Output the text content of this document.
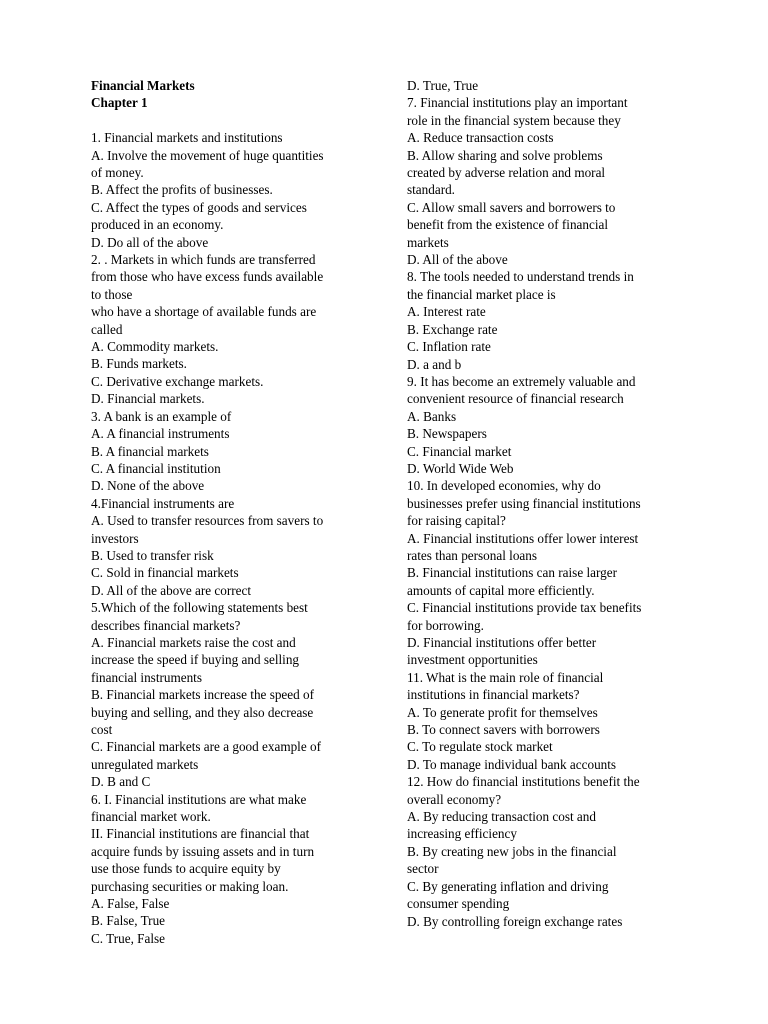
Financial Markets
Chapter 1
1. Financial markets and institutions
A. Involve the movement of huge quantities
of money.
B. Affect the profits of businesses.
C. Affect the types of goods and services
produced in an economy.
D. Do all of the above
2. . Markets in which funds are transferred
from those who have excess funds available
to those
who have a shortage of available funds are
called
A. Commodity markets.
B. Funds markets.
C. Derivative exchange markets.
D. Financial markets.
3. A bank is an example of
A. A financial instruments
B. A financial markets
C. A financial institution
D. None of the above
4.Financial instruments are
A. Used to transfer resources from savers to
investors
B. Used to transfer risk
C. Sold in financial markets
D. All of the above are correct
5.Which of the following statements best
describes financial markets?
A. Financial markets raise the cost and
increase the speed if buying and selling
financial instruments
B. Financial markets increase the speed of
buying and selling, and they also decrease
cost
C. Financial markets are a good example of
unregulated markets
D. B and C
6. I. Financial institutions are what make
financial market work.
II. Financial institutions are financial that
acquire funds by issuing assets and in turn
use those funds to acquire equity by
purchasing securities or making loan.
A. False, False
B. False, True
C. True, False
D. True, True
7. Financial institutions play an important
role in the financial system because they
A. Reduce transaction costs
B. Allow sharing and solve problems
created by adverse relation and moral
standard.
C. Allow small savers and borrowers to
benefit from the existence of financial
markets
D. All of the above
8. The tools needed to understand trends in
the financial market place is
A. Interest rate
B. Exchange rate
C. Inflation rate
D. a and b
9. It has become an extremely valuable and
convenient resource of financial research
A. Banks
B. Newspapers
C. Financial market
D. World Wide Web
10. In developed economies, why do
businesses prefer using financial institutions
for raising capital?
A. Financial institutions offer lower interest
rates than personal loans
B. Financial institutions can raise larger
amounts of capital more efficiently.
C. Financial institutions provide tax benefits
for borrowing.
D. Financial institutions offer better
investment opportunities
11. What is the main role of financial
institutions in financial markets?
A. To generate profit for themselves
B. To connect savers with borrowers
C. To regulate stock market
D. To manage individual bank accounts
12. How do financial institutions benefit the
overall economy?
A. By reducing transaction cost and
increasing efficiency
B. By creating new jobs in the financial
sector
C. By generating inflation and driving
consumer spending
D. By controlling foreign exchange rates
